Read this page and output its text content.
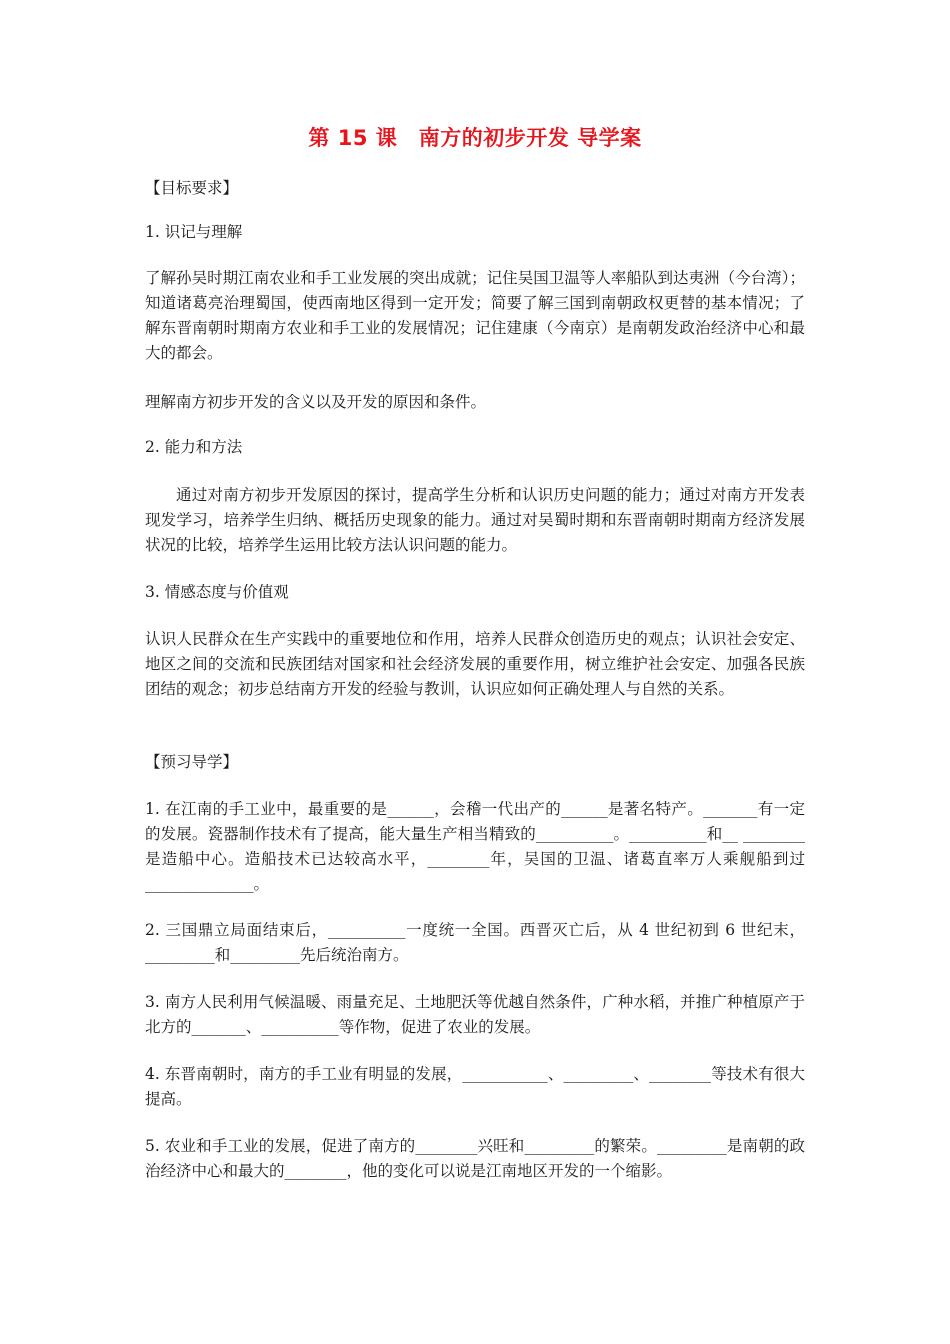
第 15 课　南方的初步开发 导学案

【目标要求】

1. 识记与理解

了解孙吴时期江南农业和手工业发展的突出成就；记住吴国卫温等人率船队到达夷洲（今台湾）；知道诸葛亮治理蜀国，使西南地区得到一定开发；简要了解三国到南朝政权更替的基本情况；了解东晋南朝时期南方农业和手工业的发展情况；记住建康（今南京）是南朝发政治经济中心和最大的都会。

理解南方初步开发的含义以及开发的原因和条件。

2. 能力和方法

通过对南方初步开发原因的探讨，提高学生分析和认识历史问题的能力；通过对南方开发表现发学习，培养学生归纳、概括历史现象的能力。通过对吴蜀时期和东晋南朝时期南方经济发展状况的比较，培养学生运用比较方法认识问题的能力。

3. 情感态度与价值观

认识人民群众在生产实践中的重要地位和作用，培养人民群众创造历史的观点；认识社会安定、地区之间的交流和民族团结对国家和社会经济发展的重要作用，树立维护社会安定、加强各民族团结的观念；初步总结南方开发的经验与教训，认识应如何正确处理人与自然的关系。

【预习导学】

1. 在江南的手工业中，最重要的是______，会稽一代出产的______是著名特产。_______有一定的发展。瓷器制作技术有了提高，能大量生产相当精致的__________。__________和__ ________是造船中心。造船技术已达较高水平，________年，吴国的卫温、诸葛直率万人乘舰船到过______________。

2. 三国鼎立局面结束后，__________一度统一全国。西晋灭亡后，从 4 世纪初到 6 世纪末，_________和_________先后统治南方。

3. 南方人民利用气候温暖、雨量充足、土地肥沃等优越自然条件，广种水稻，并推广种植原产于北方的_______、__________等作物，促进了农业的发展。

4. 东晋南朝时，南方的手工业有明显的发展，___________、_________、________等技术有很大提高。

5. 农业和手工业的发展，促进了南方的________兴旺和_________的繁荣。_________是南朝的政治经济中心和最大的________，他的变化可以说是江南地区开发的一个缩影。
